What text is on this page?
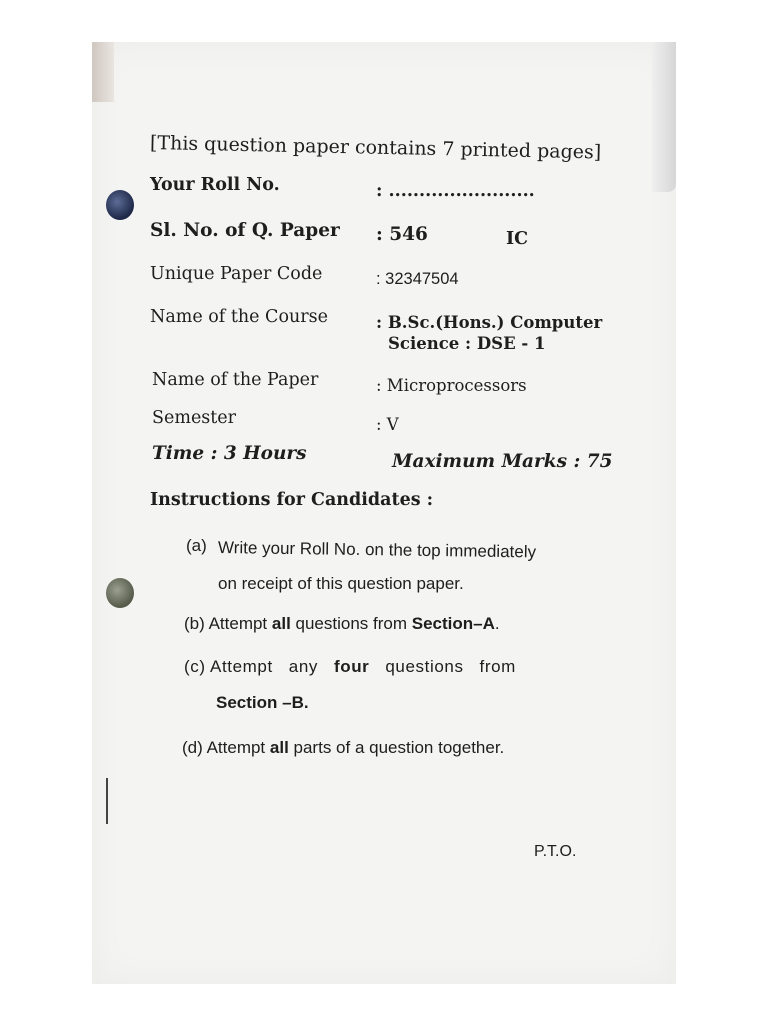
[This question paper contains 7 printed pages]
Your Roll No.	: ........................
Sl. No. of Q. Paper : 546	IC
Unique Paper Code	: 32347504
Name of the Course	: B.Sc.(Hons.) Computer
Science : DSE - 1
Name of the Paper	: Microprocessors
Semester	: V
Time : 3 Hours	Maximum Marks : 75
Instructions for Candidates :
(a) Write your Roll No. on the top immediately
on receipt of this question paper.
(b) Attempt all questions from Section–A.
(c) Attempt   any   four   questions   from
Section –B.
(d) Attempt all parts of a question together.
P.T.O.
